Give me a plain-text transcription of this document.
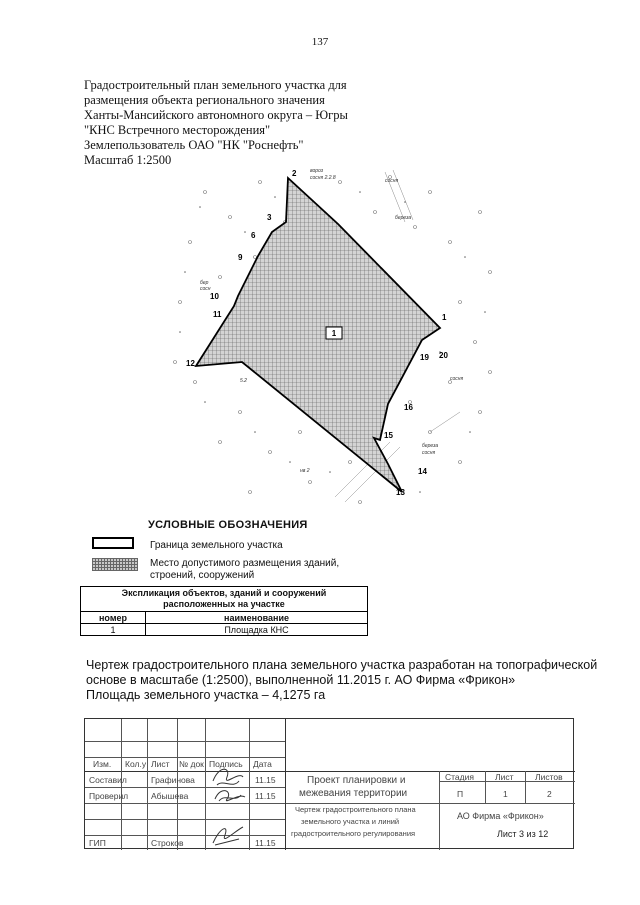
137
Градостроительный план земельного участка для
размещения объекта регионального значения
Ханты-Мансийского автономного округа – Югры
"КНС Встречного месторождения"
Землепользователь ОАО "НК "Роснефть"
Масштаб 1:2500
вороз
сосня 2.2.8	сосня
береза
бер
сосн
сосня
береза
сосня
5.2
нв 2
1
2
3
6
9
10
11
12
1
19 20
15
16
14
13
УСЛОВНЫЕ ОБОЗНАЧЕНИЯ
Граница земельного участка
Место допустимого размещения зданий,
строений, сооружений
Экспликация объектов, зданий и сооружений
расположенных на участке	

номер	наименование
1	Площадка КНС
Чертеж градостроительного плана земельного участка разработан на топографической
основе в масштабе (1:2500), выполненной 11.2015 г. АО Фирма «Фрикон»
Площадь земельного участка – 4,1275 га
Изм. Кол.у Лист № док Подпись Дата
Составил	Графинова	11.15
Проверил	Абышева	11.15
ГИП	Строков	11.15
Проект планировки и
межевания территории
Стадия Лист	Листов
П	1	2
Чертеж градостроительного плана
земельного участка и линий
градостроительного регулирования
АО Фирма «Фрикон»
Лист 3 из 12
